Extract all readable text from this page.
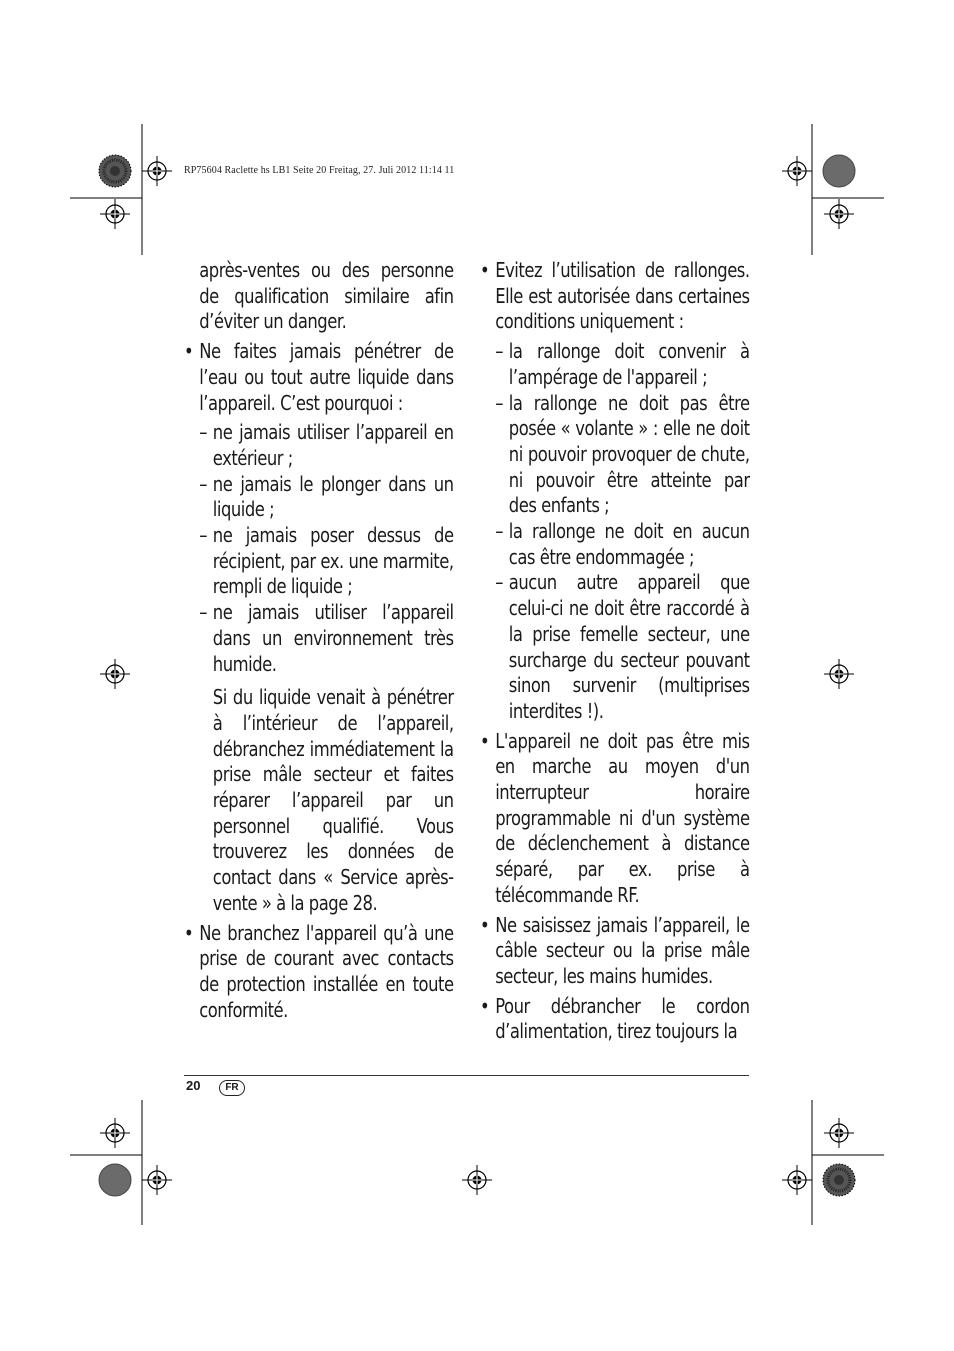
RP75604 Raclette hs LB1 Seite 20 Freitag, 27. Juli 2012 11:14 11

après-ventes ou des personne de qualification similaire afin d’éviter un danger.

• Ne faites jamais pénétrer de l’eau ou tout autre liquide dans l’appareil. C’est pourquoi :
– ne jamais utiliser l’appareil en extérieur ;
– ne jamais le plonger dans un liquide ;
– ne jamais poser dessus de récipient, par ex. une marmite, rempli de liquide ;
– ne jamais utiliser l’appareil dans un environnement très humide.

Si du liquide venait à pénétrer à l’intérieur de l’appareil, débranchez immédiatement la prise mâle secteur et faites réparer l’appareil par un personnel qualifié. Vous trouverez les données de contact dans « Service après-vente » à la page 28.

• Ne branchez l'appareil qu’à une prise de courant avec contacts de protection installée en toute conformité.
• Evitez l’utilisation de rallonges. Elle est autorisée dans certaines conditions uniquement :
– la rallonge doit convenir à l’ampérage de l'appareil ;
– la rallonge ne doit pas être posée « volante » : elle ne doit ni pouvoir provoquer de chute, ni pouvoir être atteinte par des enfants ;
– la rallonge ne doit en aucun cas être endommagée ;
– aucun autre appareil que celui-ci ne doit être raccordé à la prise femelle secteur, une surcharge du secteur pouvant sinon survenir (multiprises interdites !).
• L'appareil ne doit pas être mis en marche au moyen d'un interrupteur horaire programmable ni d'un système de déclenchement à distance séparé, par ex. prise à télécommande RF.
• Ne saisissez jamais l’appareil, le câble secteur ou la prise mâle secteur, les mains humides.
• Pour débrancher le cordon d’alimentation, tirez toujours la
20	FR
